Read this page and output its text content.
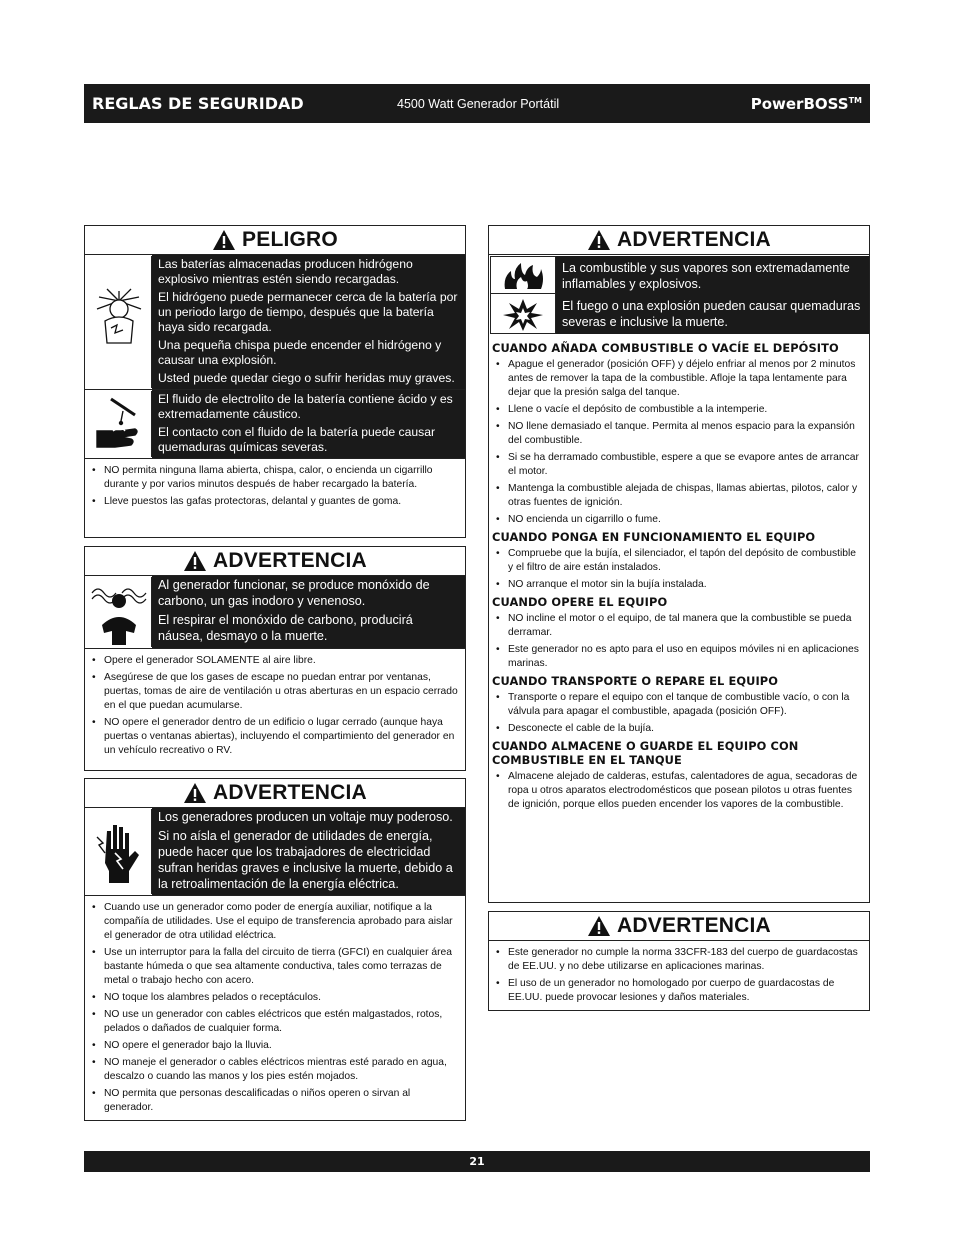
REGLAS DE SEGURIDAD	4500 Watt Generador Portátil	PowerBOSS™
PELIGRO

Las baterías almacenadas producen hidrógeno explosivo mientras estén siendo recargadas.

El hidrógeno puede permanecer cerca de la batería por un periodo largo de tiempo, después que la batería haya sido recargada.

Una pequeña chispa puede encender el hidrógeno y causar una explosión.

Usted puede quedar ciego o sufrir heridas muy graves.

El fluido de electrolito de la batería contiene ácido y es extremadamente cáustico.

El contacto con el fluido de la batería puede causar quemaduras químicas severas.

• NO permita ninguna llama abierta, chispa, calor, o encienda un cigarrillo durante y por varios minutos después de haber recargado la batería.
• Lleve puestos las gafas protectoras, delantal y guantes de goma.
ADVERTENCIA

Al generador funcionar, se produce monóxido de carbono, un gas inodoro y venenoso.

El respirar el monóxido de carbono, producirá náusea, desmayo o la muerte.

• Opere el generador SOLAMENTE al aire libre.
• Asegúrese de que los gases de escape no puedan entrar por ventanas, puertas, tomas de aire de ventilación u otras aberturas en un espacio cerrado en el que puedan acumularse.
• NO opere el generador dentro de un edificio o lugar cerrado (aunque haya puertas o ventanas abiertas), incluyendo el compartimiento del generador en un vehículo recreativo o RV.
ADVERTENCIA

Los generadores producen un voltaje muy poderoso.

Si no aísla el generador de utilidades de energía, puede hacer que los trabajadores de electricidad sufran heridas graves e inclusive la muerte, debido a la retroalimentación de la energía eléctrica.

• Cuando use un generador como poder de energía auxiliar, notifique a la compañía de utilidades. Use el equipo de transferencia aprobado para aislar el generador de otra utilidad eléctrica.
• Use un interruptor para la falla del circuito de tierra (GFCI) en cualquier área bastante húmeda o que sea altamente conductiva, tales como terrazas de metal o trabajo hecho con acero.
• NO toque los alambres pelados o receptáculos.
• NO use un generador con cables eléctricos que estén malgastados, rotos, pelados o dañados de cualquier forma.
• NO opere el generador bajo la lluvia.
• NO maneje el generador o cables eléctricos mientras esté parado en agua, descalzo o cuando las manos y los pies estén mojados.
• NO permita que personas descalificadas o niños operen o sirvan al generador.
ADVERTENCIA

La combustible y sus vapores son extremadamente inflamables y explosivos.

El fuego o una explosión pueden causar quemaduras severas e inclusive la muerte.

CUANDO AÑADA COMBUSTIBLE O VACÍE EL DEPÓSITO
• Apague el generador (posición OFF) y déjelo enfriar al menos por 2 minutos antes de remover la tapa de la combustible. Afloje la tapa lentamente para dejar que la presión salga del tanque.
• Llene o vacíe el depósito de combustible a la intemperie.
• NO llene demasiado el tanque. Permita al menos espacio para la expansión del combustible.
• Si se ha derramado combustible, espere a que se evapore antes de arrancar el motor.
• Mantenga la combustible alejada de chispas, llamas abiertas, pilotos, calor y otras fuentes de ignición.
• NO encienda un cigarrillo o fume.
CUANDO PONGA EN FUNCIONAMIENTO EL EQUIPO
• Compruebe que la bujía, el silenciador, el tapón del depósito de combustible y el filtro de aire están instalados.
• NO arranque el motor sin la bujía instalada.
CUANDO OPERE EL EQUIPO
• NO incline el motor o el equipo, de tal manera que la combustible se pueda derramar.
• Este generador no es apto para el uso en equipos móviles ni en aplicaciones marinas.
CUANDO TRANSPORTE O REPARE EL EQUIPO
• Transporte o repare el equipo con el tanque de combustible vacío, o con la válvula para apagar el combustible, apagada (posición OFF).
• Desconecte el cable de la bujía.
CUANDO ALMACENE O GUARDE EL EQUIPO CON COMBUSTIBLE EN EL TANQUE
• Almacene alejado de calderas, estufas, calentadores de agua, secadoras de ropa u otros aparatos electrodomésticos que posean pilotos u otras fuentes de ignición, porque ellos pueden encender los vapores de la combustible.
ADVERTENCIA
• Este generador no cumple la norma 33CFR-183 del cuerpo de guardacostas de EE.UU. y no debe utilizarse en aplicaciones marinas.
• El uso de un generador no homologado por cuerpo de guardacostas de EE.UU. puede provocar lesiones y daños materiales.
21
